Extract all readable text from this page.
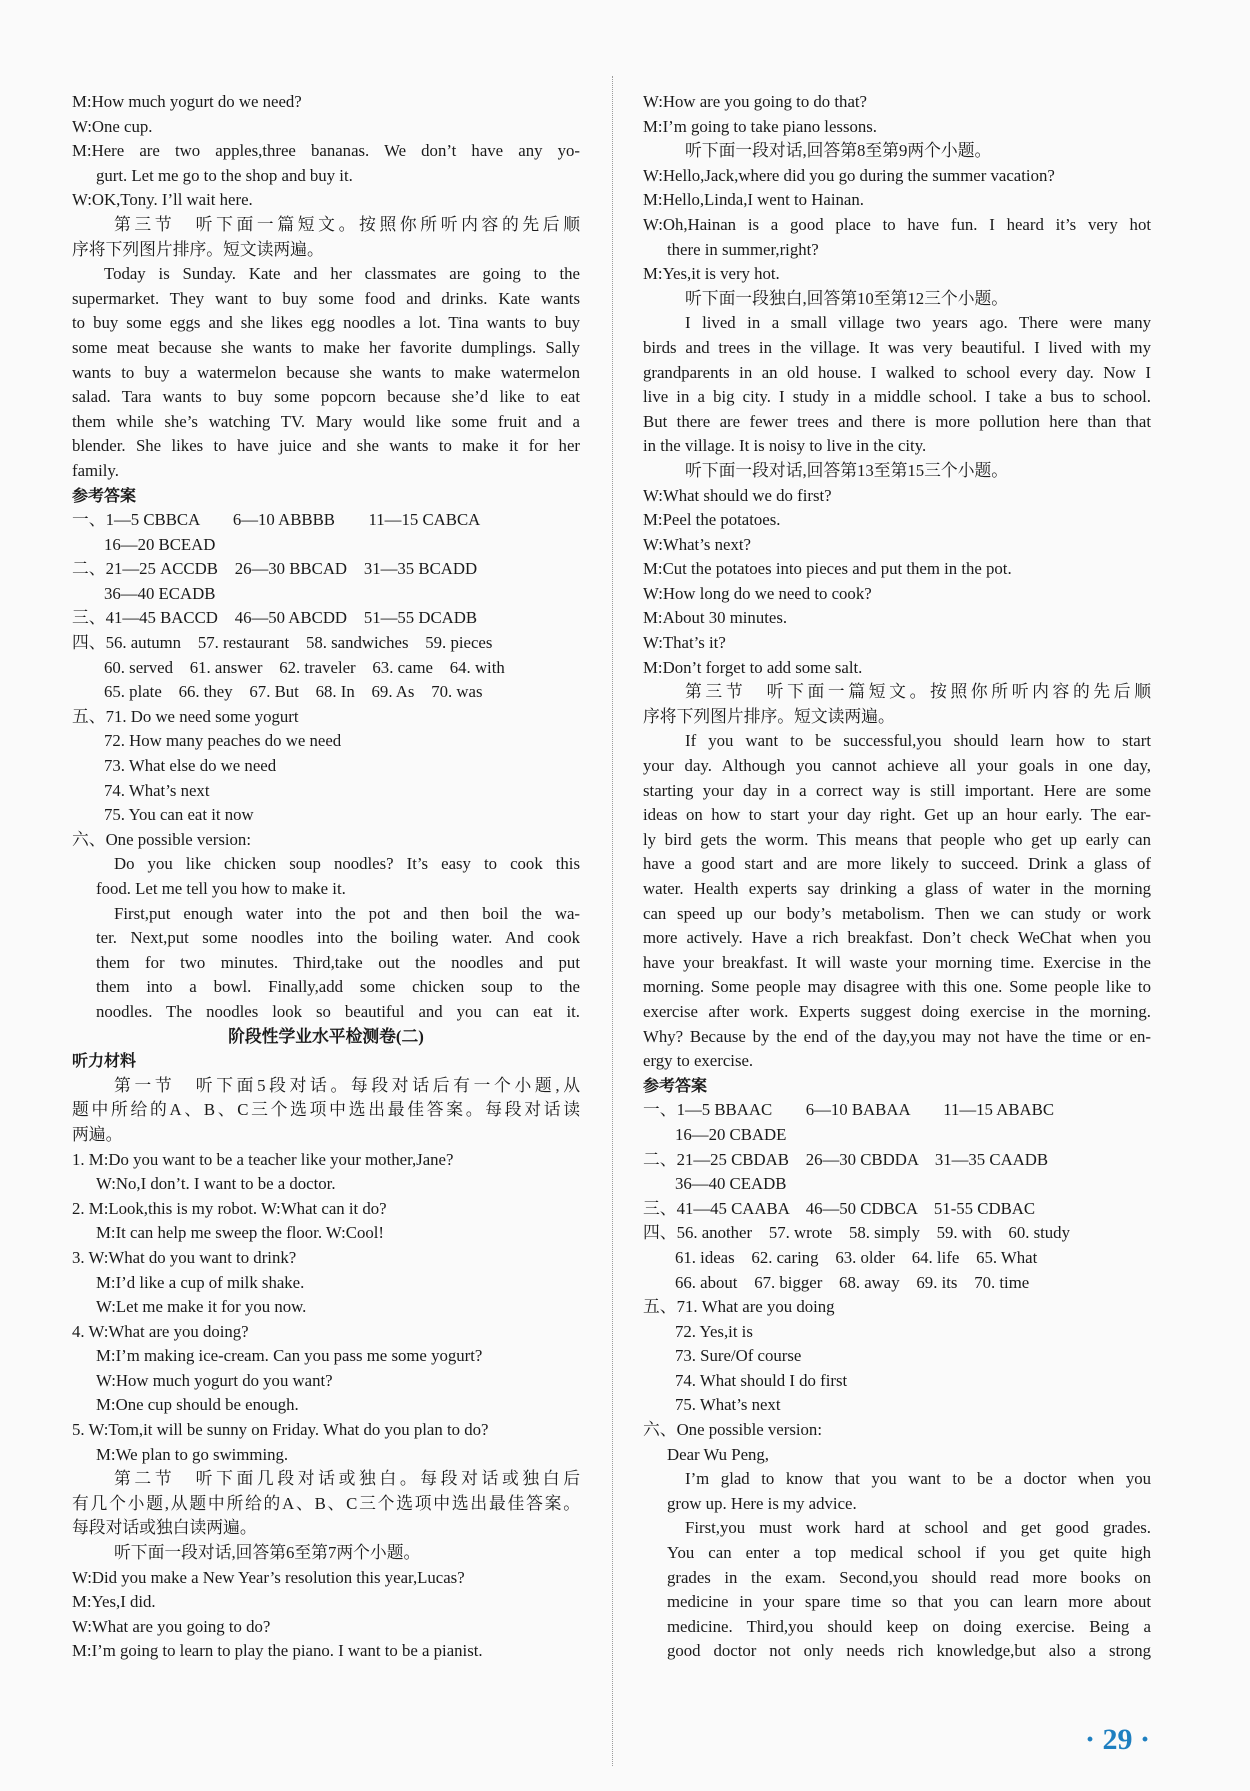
M:How much yogurt do we need?
W:One cup.
M:Here are two apples,three bananas. We don’t have any yo-
gurt. Let me go to the shop and buy it.
W:OK,Tony. I’ll wait here.
第三节　听下面一篇短文。按照你所听内容的先后顺
序将下列图片排序。短文读两遍。
Today is Sunday. Kate and her classmates are going to the
supermarket. They want to buy some food and drinks. Kate wants
to buy some eggs and she likes egg noodles a lot. Tina wants to buy
some meat because she wants to make her favorite dumplings. Sally
wants to buy a watermelon because she wants to make watermelon
salad. Tara wants to buy some popcorn because she’d like to eat
them while she’s watching TV. Mary would like some fruit and a
blender. She likes to have juice and she wants to make it for her
family.
参考答案
一、1—5 CBBCA　　6—10 ABBBB　　11—15 CABCA
16—20 BCEAD
二、21—25 ACCDB　26—30 BBCAD　31—35 BCADD
36—40 ECADB
三、41—45 BACCD　46—50 ABCDD　51—55 DCADB
四、56. autumn　57. restaurant　58. sandwiches　59. pieces
60. served　61. answer　62. traveler　63. came　64. with
65. plate　66. they　67. But　68. In　69. As　70. was
五、71. Do we need some yogurt
72. How many peaches do we need
73. What else do we need
74. What’s next
75. You can eat it now
六、One possible version:
Do you like chicken soup noodles? It’s easy to cook this
food. Let me tell you how to make it.
First,put enough water into the pot and then boil the wa-
ter. Next,put some noodles into the boiling water. And cook
them for two minutes. Third,take out the noodles and put
them into a bowl. Finally,add some chicken soup to the
noodles. The noodles look so beautiful and you can eat it.
阶段性学业水平检测卷(二)
听力材料
第一节　听下面5段对话。每段对话后有一个小题,从
题中所给的A、B、C三个选项中选出最佳答案。每段对话读
两遍。
1. M:Do you want to be a teacher like your mother,Jane?
W:No,I don’t. I want to be a doctor.
2. M:Look,this is my robot. W:What can it do?
M:It can help me sweep the floor. W:Cool!
3. W:What do you want to drink?
M:I’d like a cup of milk shake.
W:Let me make it for you now.
4. W:What are you doing?
M:I’m making ice-cream. Can you pass me some yogurt?
W:How much yogurt do you want?
M:One cup should be enough.
5. W:Tom,it will be sunny on Friday. What do you plan to do?
M:We plan to go swimming.
第二节　听下面几段对话或独白。每段对话或独白后
有几个小题,从题中所给的A、B、C三个选项中选出最佳答案。
每段对话或独白读两遍。
听下面一段对话,回答第6至第7两个小题。
W:Did you make a New Year’s resolution this year,Lucas?
M:Yes,I did.
W:What are you going to do?
M:I’m going to learn to play the piano. I want to be a pianist.
W:How are you going to do that?
M:I’m going to take piano lessons.
听下面一段对话,回答第8至第9两个小题。
W:Hello,Jack,where did you go during the summer vacation?
M:Hello,Linda,I went to Hainan.
W:Oh,Hainan is a good place to have fun. I heard it’s very hot
there in summer,right?
M:Yes,it is very hot.
听下面一段独白,回答第10至第12三个小题。
I lived in a small village two years ago. There were many
birds and trees in the village. It was very beautiful. I lived with my
grandparents in an old house. I walked to school every day. Now I
live in a big city. I study in a middle school. I take a bus to school.
But there are fewer trees and there is more pollution here than that
in the village. It is noisy to live in the city.
听下面一段对话,回答第13至第15三个小题。
W:What should we do first?
M:Peel the potatoes.
W:What’s next?
M:Cut the potatoes into pieces and put them in the pot.
W:How long do we need to cook?
M:About 30 minutes.
W:That’s it?
M:Don’t forget to add some salt.
第三节　听下面一篇短文。按照你所听内容的先后顺
序将下列图片排序。短文读两遍。
If you want to be successful,you should learn how to start
your day. Although you cannot achieve all your goals in one day,
starting your day in a correct way is still important. Here are some
ideas on how to start your day right. Get up an hour early. The ear-
ly bird gets the worm. This means that people who get up early can
have a good start and are more likely to succeed. Drink a glass of
water. Health experts say drinking a glass of water in the morning
can speed up our body’s metabolism. Then we can study or work
more actively. Have a rich breakfast. Don’t check WeChat when you
have your breakfast. It will waste your morning time. Exercise in the
morning. Some people may disagree with this one. Some people like to
exercise after work. Experts suggest doing exercise in the morning.
Why? Because by the end of the day,you may not have the time or en-
ergy to exercise.
参考答案
一、1—5 BBAAC　　6—10 BABAA　　11—15 ABABC
16—20 CBADE
二、21—25 CBDAB　26—30 CBDDA　31—35 CAADB
36—40 CEADB
三、41—45 CAABA　46—50 CDBCA　51-55 CDBAC
四、56. another　57. wrote　58. simply　59. with　60. study
61. ideas　62. caring　63. older　64. life　65. What
66. about　67. bigger　68. away　69. its　70. time
五、71. What are you doing
72. Yes,it is
73. Sure/Of course
74. What should I do first
75. What’s next
六、One possible version:
Dear Wu Peng,
I’m glad to know that you want to be a doctor when you
grow up. Here is my advice.
First,you must work hard at school and get good grades.
You can enter a top medical school if you get quite high
grades in the exam. Second,you should read more books on
medicine in your spare time so that you can learn more about
medicine. Third,you should keep on doing exercise. Being a
good doctor not only needs rich knowledge,but also a strong
· 29 ·
